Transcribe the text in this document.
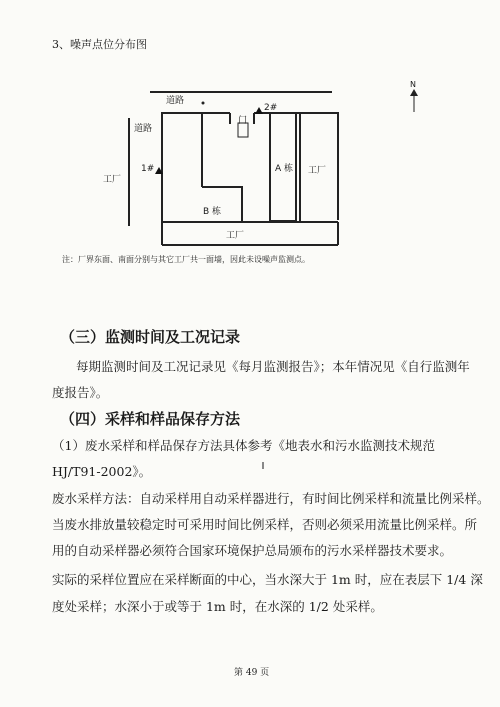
3、噪声点位分布图
道路
道路
工厂
工厂
工厂
门
A 栋
B 栋
1#
2#
N
注：厂界东面、南面分别与其它工厂共一面墙，因此未设噪声监测点。
（三）监测时间及工况记录
每期监测时间及工况记录见《每月监测报告》；本年情况见《自行监测年
度报告》。
（四）采样和样品保存方法
（1）废水采样和样品保存方法具体参考《地表水和污水监测技术规范
HJ/T91-2002》。
废水采样方法：自动采样用自动采样器进行，有时间比例采样和流量比例采样。
当废水排放量较稳定时可采用时间比例采样，否则必须采用流量比例采样。所
用的自动采样器必须符合国家环境保护总局颁布的污水采样器技术要求。
实际的采样位置应在采样断面的中心，当水深大于 1m 时，应在表层下 1/4 深
度处采样；水深小于或等于 1m 时，在水深的 1/2 处采样。
第 49 页
